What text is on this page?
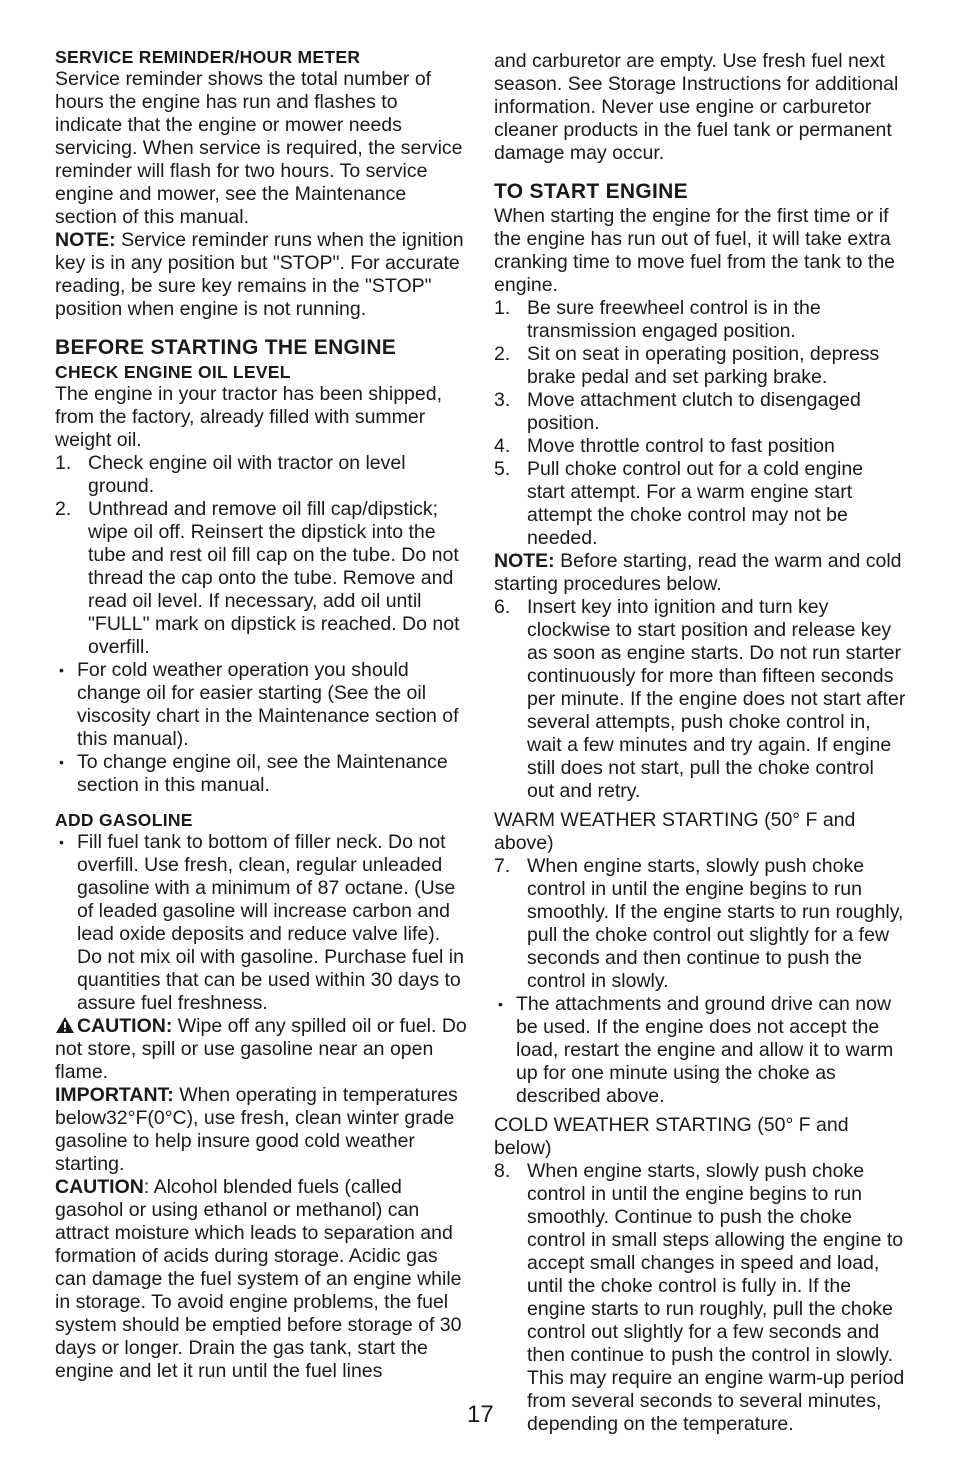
SERVICE REMINDER/HOUR METER

Service reminder shows the total number of hours the engine has run and flashes to indicate that the engine or mower needs servicing. When service is required, the service reminder will flash for two hours. To service engine and mower, see the Maintenance section of this manual.

NOTE: Service reminder runs when the ignition key is in any position but "STOP". For accurate reading, be sure key remains in the "STOP" position when engine is not running.

BEFORE STARTING THE ENGINE
CHECK ENGINE OIL LEVEL

The engine in your tractor has been shipped, from the factory, already filled with summer weight oil.

1. Check engine oil with tractor on level ground.
2. Unthread and remove oil fill cap/dipstick; wipe oil off. Reinsert the dipstick into the tube and rest oil fill cap on the tube. Do not thread the cap onto the tube. Remove and read oil level. If necessary, add oil until "FULL" mark on dipstick is reached. Do not overfill.
• For cold weather operation you should change oil for easier starting (See the oil viscosity chart in the Maintenance section of this manual).
• To change engine oil, see the Maintenance section in this manual.
ADD GASOLINE
• Fill fuel tank to bottom of filler neck. Do not overfill. Use fresh, clean, regular unleaded gasoline with a minimum of 87 octane. (Use of leaded gasoline will increase carbon and lead oxide deposits and reduce valve life). Do not mix oil with gasoline. Purchase fuel in quantities that can be used within 30 days to assure fuel freshness.

CAUTION: Wipe off any spilled oil or fuel. Do not store, spill or use gasoline near an open flame.

IMPORTANT: When operating in temperatures below32°F(0°C), use fresh, clean winter grade gasoline to help insure good cold weather starting.

CAUTION: Alcohol blended fuels (called gasohol or using ethanol or methanol) can attract moisture which leads to separation and formation of acids during storage. Acidic gas can damage the fuel system of an engine while in storage. To avoid engine problems, the fuel system should be emptied before storage of 30 days or longer. Drain the gas tank, start the engine and let it run until the fuel lines

and carburetor are empty. Use fresh fuel next season. See Storage Instructions for additional information. Never use engine or carburetor cleaner products in the fuel tank or permanent damage may occur.

TO START ENGINE

When starting the engine for the first time or if the engine has run out of fuel, it will take extra cranking time to move fuel from the tank to the engine.

1. Be sure freewheel control is in the transmission engaged position.
2. Sit on seat in operating position, depress brake pedal and set parking brake.
3. Move attachment clutch to disengaged position.
4. Move throttle control to fast position
5. Pull choke control out for a cold engine start attempt. For a warm engine start attempt the choke control may not be needed.

NOTE: Before starting, read the warm and cold starting procedures below.

6. Insert key into ignition and turn key clockwise to start position and release key as soon as engine starts. Do not run starter continuously for more than fifteen seconds per minute. If the engine does not start after several attempts, push choke control in, wait a few minutes and try again. If engine still does not start, pull the choke control out and retry.

WARM WEATHER STARTING (50° F and above)

7. When engine starts, slowly push choke control in until the engine begins to run smoothly. If the engine starts to run roughly, pull the choke control out slightly for a few seconds and then continue to push the control in slowly.
• The attachments and ground drive can now be used. If the engine does not accept the load, restart the engine and allow it to warm up for one minute using the choke as described above.

COLD WEATHER STARTING (50° F and below)

8. When engine starts, slowly push choke control in until the engine begins to run smoothly. Continue to push the choke control in small steps allowing the engine to accept small changes in speed and load, until the choke control is fully in. If the engine starts to run roughly, pull the choke control out slightly for a few seconds and then continue to push the control in slowly. This may require an engine warm-up period from several seconds to several minutes, depending on the temperature.
17
